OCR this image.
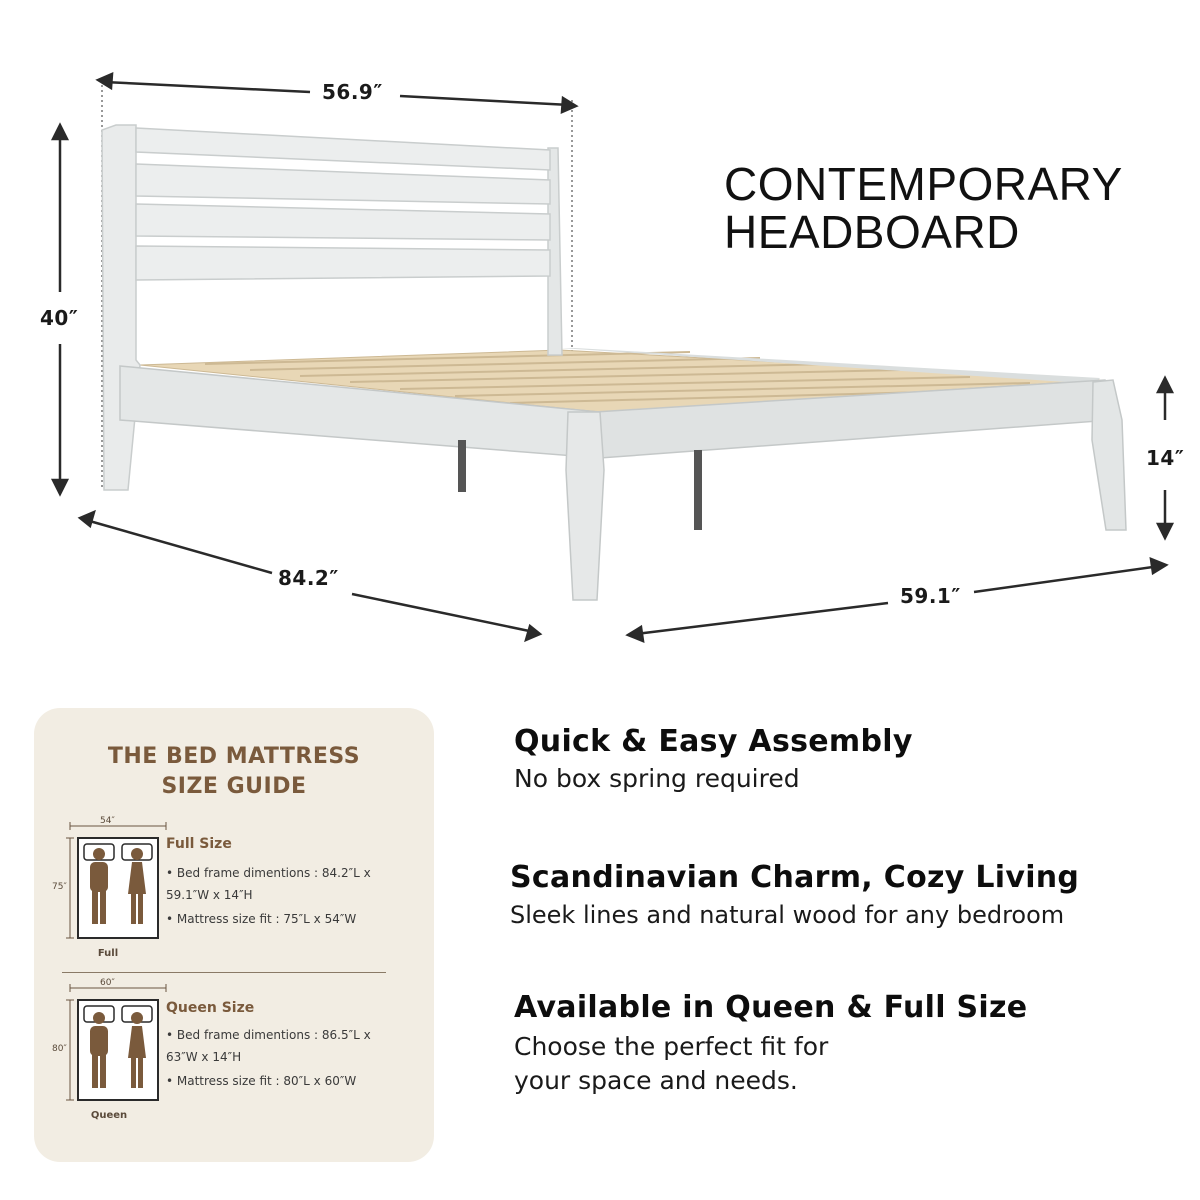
56.9″
40″
14″
84.2″
59.1″
CONTEMPORARY
HEADBOARD
THE BED MATTRESS
SIZE GUIDE
54″
75″
Full
Full Size
• Bed frame dimentions : 84.2″L x
59.1″W x 14″H
• Mattress size fit : 75″L x 54″W
60″
80″
Queen
Queen Size
• Bed frame dimentions : 86.5″L x
63″W x 14″H
• Mattress size fit : 80″L x 60″W
Quick & Easy Assembly
No box spring required
Scandinavian Charm, Cozy Living
Sleek lines and natural wood for any bedroom
Available in Queen & Full Size
Choose the perfect fit for
your space and needs.
